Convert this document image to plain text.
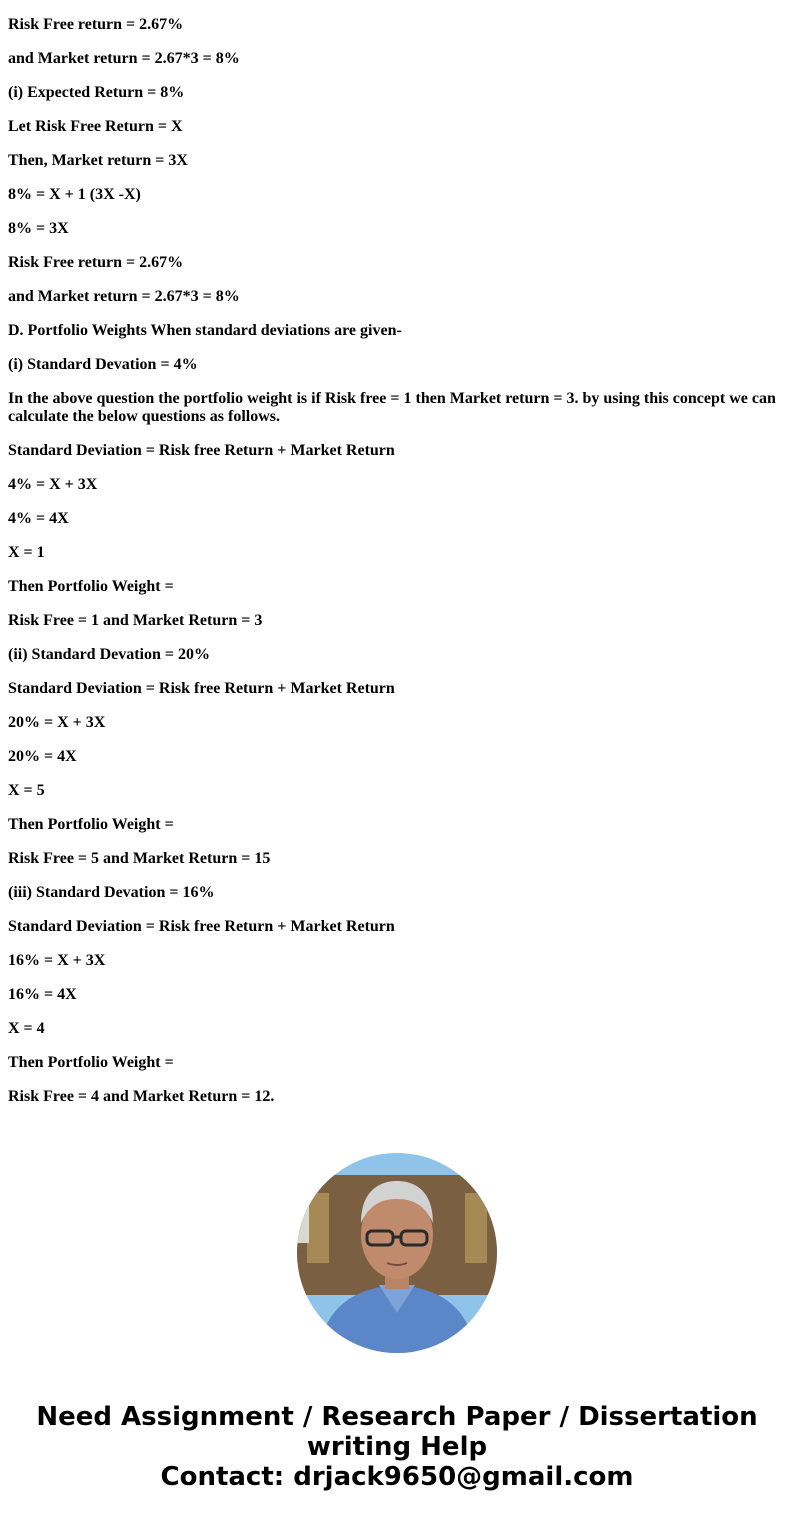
Risk Free return = 2.67%

and Market return = 2.67*3 = 8%

(i) Expected Return = 8%

Let Risk Free Return = X

Then, Market return = 3X

8% = X + 1 (3X -X)

8% = 3X

Risk Free return = 2.67%

and Market return = 2.67*3 = 8%

D. Portfolio Weights When standard deviations are given-

(i) Standard Devation = 4%

In the above question the portfolio weight is if Risk free = 1 then Market return = 3. by using this concept we can calculate the below questions as follows.

Standard Deviation = Risk free Return + Market Return

4% = X + 3X

4% = 4X

X = 1

Then Portfolio Weight =

Risk Free = 1 and Market Return = 3

(ii) Standard Devation = 20%

Standard Deviation = Risk free Return + Market Return

20% = X + 3X

20% = 4X

X = 5

Then Portfolio Weight =

Risk Free = 5 and Market Return = 15

(iii) Standard Devation = 16%

Standard Deviation = Risk free Return + Market Return

16% = X + 3X

16% = 4X

X = 4

Then Portfolio Weight =

Risk Free = 4 and Market Return = 12.

Need Assignment / Research Paper / Dissertation
writing Help
Contact: drjack9650@gmail.com
